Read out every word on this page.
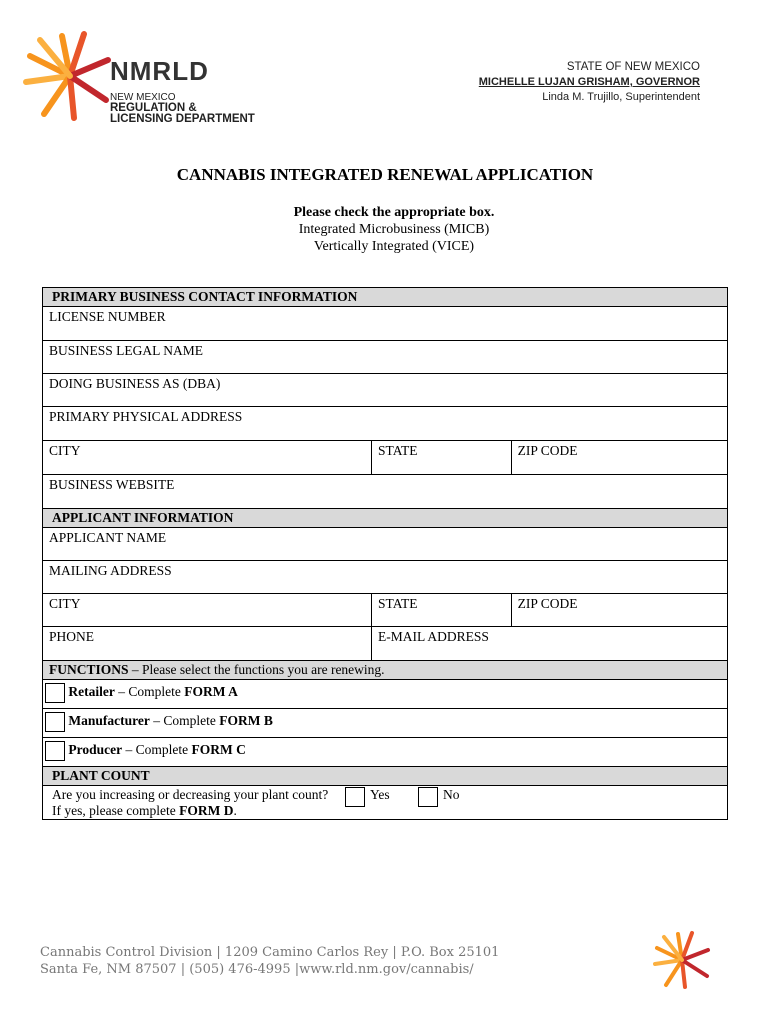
NMRLD
NEW MEXICO
REGULATION &
LICENSING DEPARTMENT
STATE OF NEW MEXICO
MICHELLE LUJAN GRISHAM, GOVERNOR
Linda M. Trujillo, Superintendent
CANNABIS INTEGRATED RENEWAL APPLICATION
Please check the appropriate box.
Integrated Microbusiness (MICB)
Vertically Integrated (VICE)
PRIMARY BUSINESS CONTACT INFORMATION
LICENSE NUMBER
BUSINESS LEGAL NAME
DOING BUSINESS AS (DBA)
PRIMARY PHYSICAL ADDRESS
CITY	STATE	ZIP CODE
BUSINESS WEBSITE
APPLICANT INFORMATION
APPLICANT NAME
MAILING ADDRESS
CITY	STATE	ZIP CODE
PHONE	E-MAIL ADDRESS
FUNCTIONS – Please select the functions you are renewing.
Retailer – Complete FORM A
Manufacturer – Complete FORM B
Producer – Complete FORM C
PLANT COUNT
Are you increasing or decreasing your plant count?
If yes, please complete FORM D.
Yes	No
Cannabis Control Division | 1209 Camino Carlos Rey | P.O. Box 25101
Santa Fe, NM 87507 | (505) 476-4995 |www.rld.nm.gov/cannabis/
